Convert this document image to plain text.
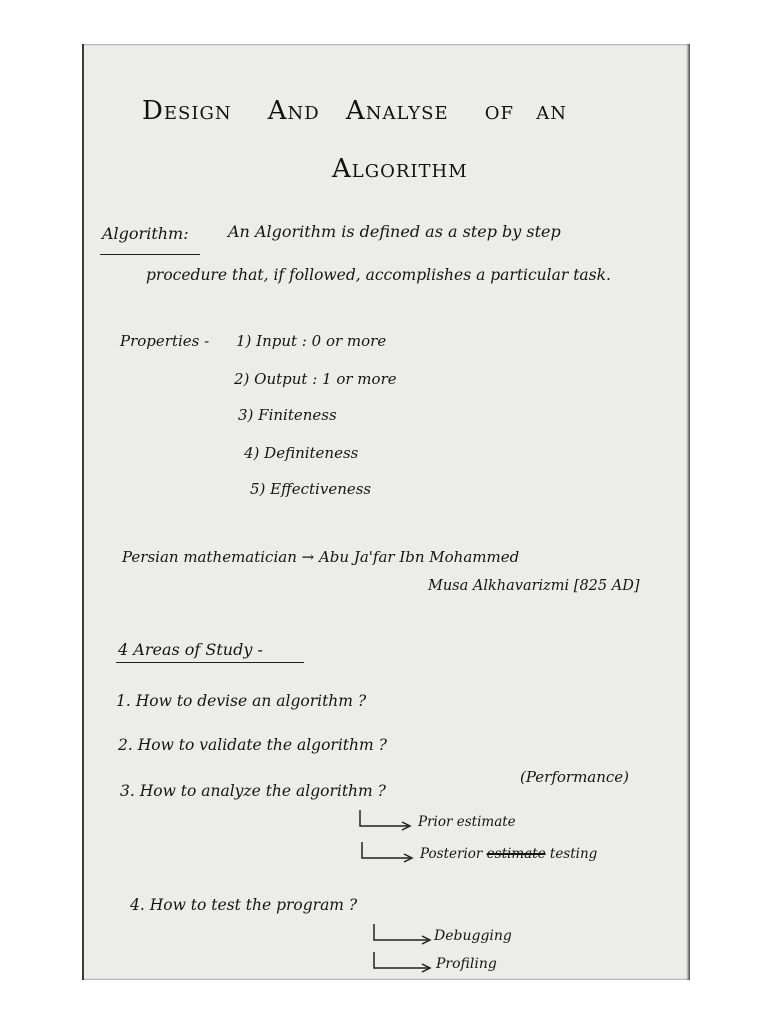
DESIGN AND ANALYSE OF AN
ALGORITHM
Algorithm: An Algorithm is defined as a step by step
procedure that, if followed, accomplishes a particular task.
Properties - 1) Input : 0 or more
2) Output : 1 or more
3) Finiteness
4) Definiteness
5) Effectiveness
Persian mathematician → Abu Ja'far Ibn Mohammed
Musa Alkhavarizmi [825 AD]
4 Areas of Study -
1. How to devise an algorithm ?
2. How to validate the algorithm ?
3. How to analyze the algorithm ?
(Performance)
Prior estimate
Posterior estimate testing
4. How to test the program ?
Debugging
Profiling
